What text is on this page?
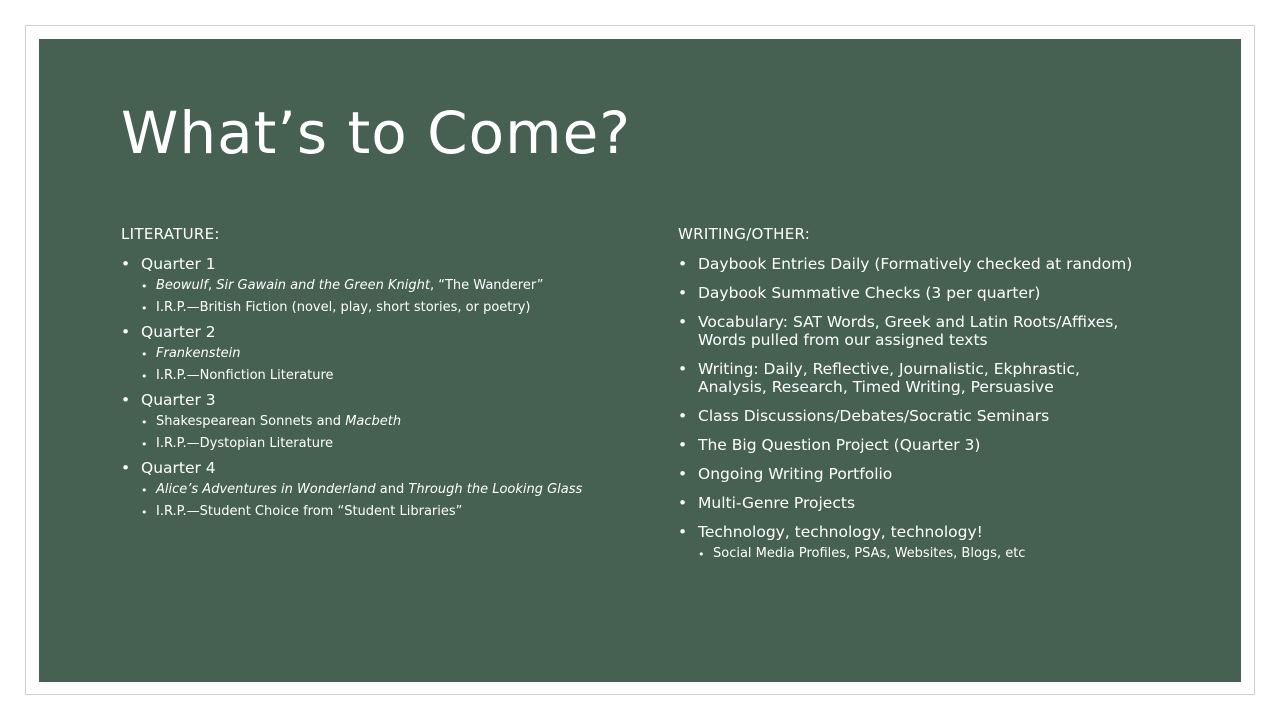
What’s to Come?
LITERATURE:
• Quarter 1
• Beowulf, Sir Gawain and the Green Knight, “The Wanderer”
• I.R.P.—British Fiction (novel, play, short stories, or poetry)
• Quarter 2
• Frankenstein
• I.R.P.—Nonfiction Literature
• Quarter 3
• Shakespearean Sonnets and Macbeth
• I.R.P.—Dystopian Literature
• Quarter 4
• Alice’s Adventures in Wonderland and Through the Looking Glass
• I.R.P.—Student Choice from “Student Libraries”
WRITING/OTHER:
• Daybook Entries Daily (Formatively checked at random)
• Daybook Summative Checks (3 per quarter)
• Vocabulary: SAT Words, Greek and Latin Roots/Affixes, Words pulled from our assigned texts
• Writing: Daily, Reflective, Journalistic, Ekphrastic, Analysis, Research, Timed Writing, Persuasive
• Class Discussions/Debates/Socratic Seminars
• The Big Question Project (Quarter 3)
• Ongoing Writing Portfolio
• Multi-Genre Projects
• Technology, technology, technology!
• Social Media Profiles, PSAs, Websites, Blogs, etc
